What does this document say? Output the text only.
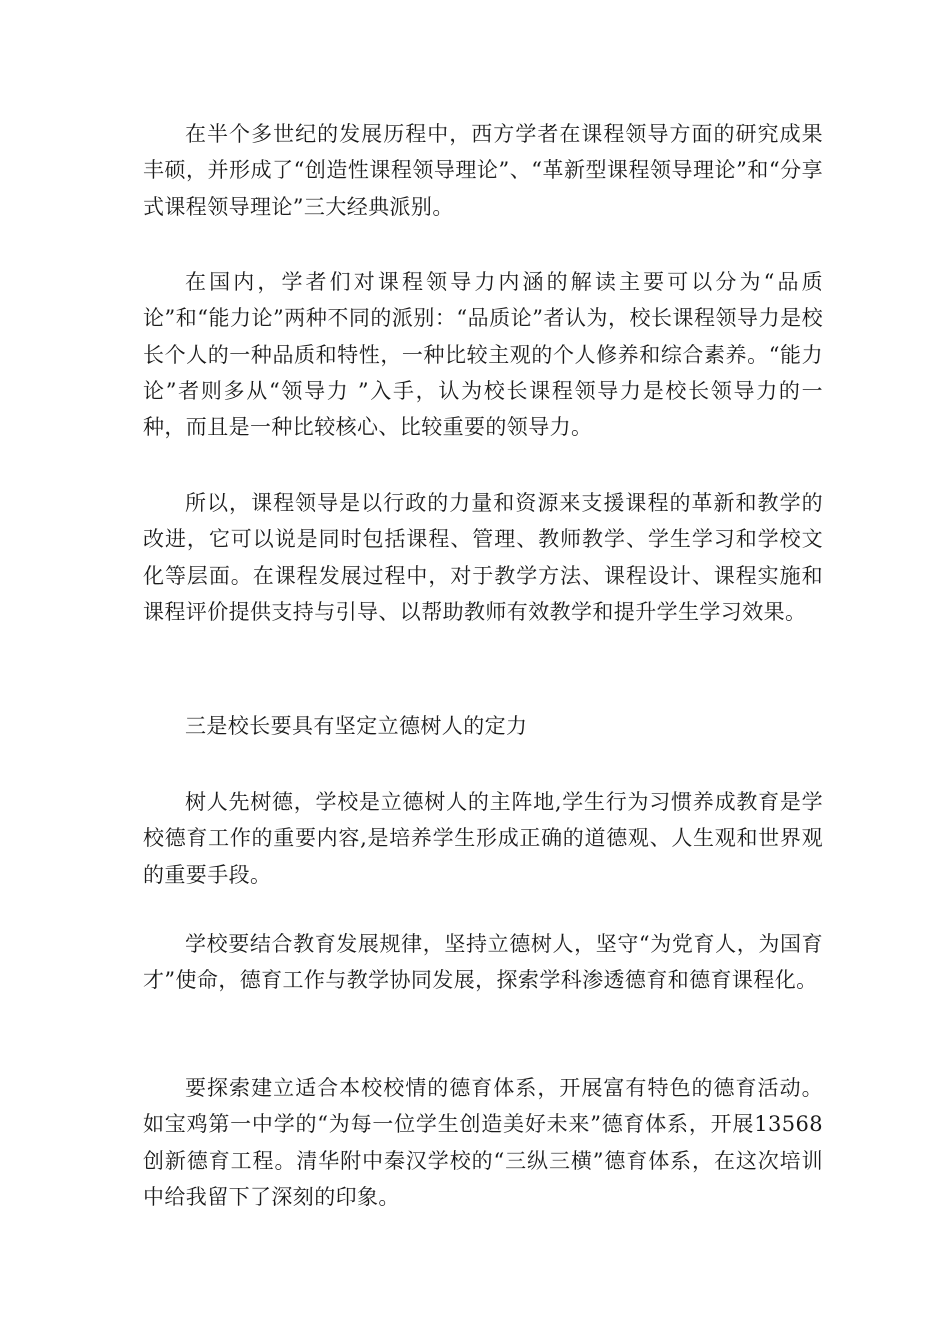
在半个多世纪的发展历程中，西方学者在课程领导方面的研究成果丰硕，并形成了“创造性课程领导理论”、“革新型课程领导理论”和“分享式课程领导理论”三大经典派别。

在国内，学者们对课程领导力内涵的解读主要可以分为“品质论”和“能力论”两种不同的派别：“品质论”者认为，校长课程领导力是校长个人的一种品质和特性，一种比较主观的个人修养和综合素养。“能力论”者则多从“领导力 ”入手，认为校长课程领导力是校长领导力的一种，而且是一种比较核心、比较重要的领导力。

所以，课程领导是以行政的力量和资源来支援课程的革新和教学的改进，它可以说是同时包括课程、管理、教师教学、学生学习和学校文化等层面。在课程发展过程中，对于教学方法、课程设计、课程实施和课程评价提供支持与引导、以帮助教师有效教学和提升学生学习效果。

三是校长要具有坚定立德树人的定力

树人先树德，学校是立德树人的主阵地,学生行为习惯养成教育是学校德育工作的重要内容,是培养学生形成正确的道德观、人生观和世界观的重要手段。

学校要结合教育发展规律，坚持立德树人，坚守“为党育人，为国育才”使命，德育工作与教学协同发展，探索学科渗透德育和德育课程化。

要探索建立适合本校校情的德育体系，开展富有特色的德育活动。如宝鸡第一中学的“为每一位学生创造美好未来”德育体系，开展13568创新德育工程。清华附中秦汉学校的“三纵三横”德育体系，在这次培训中给我留下了深刻的印象。
